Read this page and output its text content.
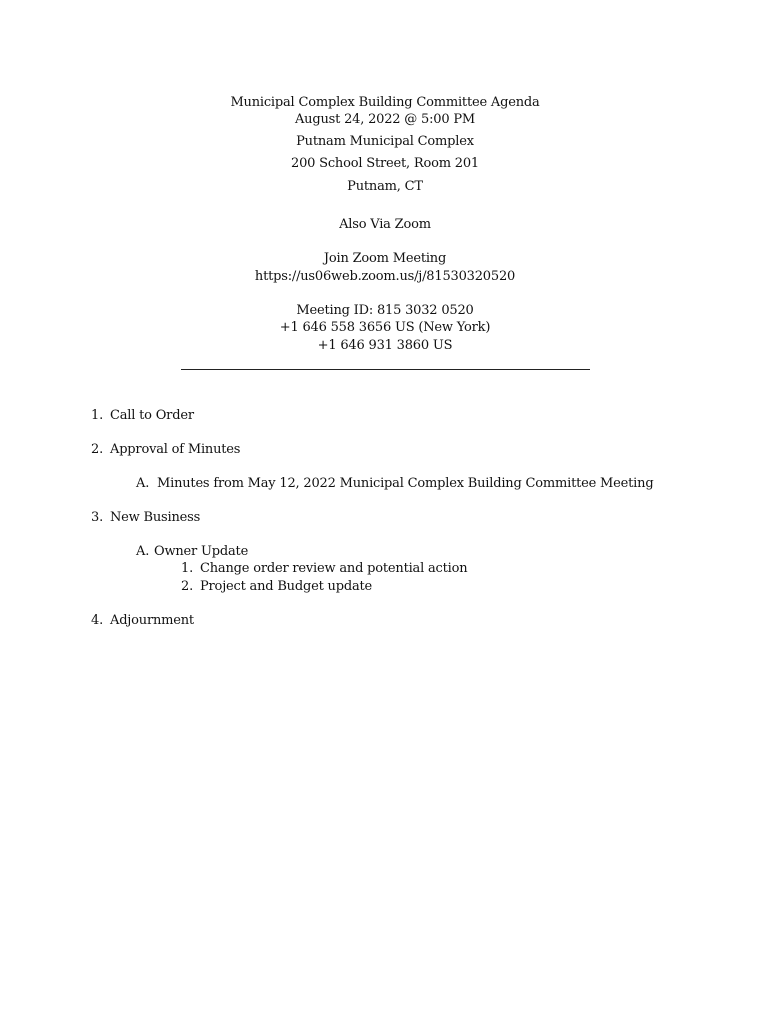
Municipal Complex Building Committee Agenda
August 24, 2022 @ 5:00 PM
Putnam Municipal Complex
200 School Street, Room 201
Putnam, CT
Also Via Zoom
Join Zoom Meeting
https://us06web.zoom.us/j/81530320520
Meeting ID: 815 3032 0520
+1 646 558 3656 US (New York)
+1 646 931 3860 US
1. Call to Order
2. Approval of Minutes
A. Minutes from May 12, 2022 Municipal Complex Building Committee Meeting
3. New Business
A. Owner Update
1. Change order review and potential action
2. Project and Budget update
4. Adjournment
